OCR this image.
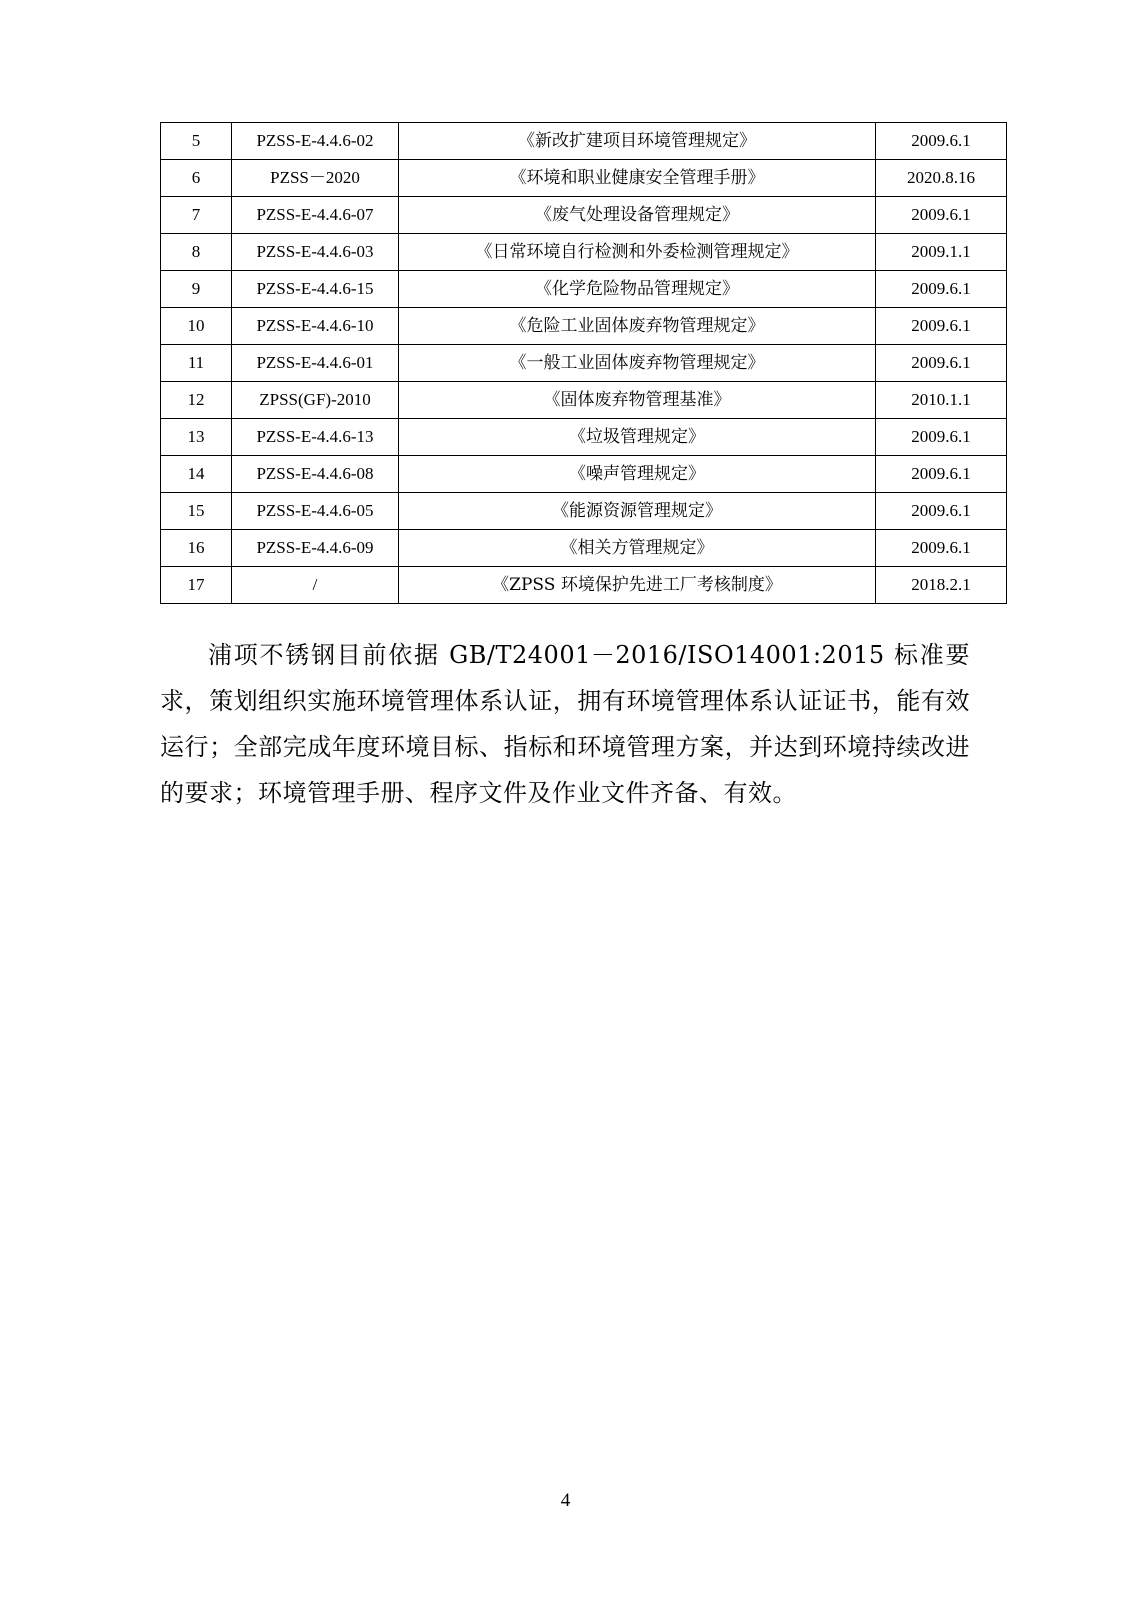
5	PZSS-E-4.4.6-02	《新改扩建项目环境管理规定》	2009.6.1
6	PZSS－2020	《环境和职业健康安全管理手册》	2020.8.16
7	PZSS-E-4.4.6-07	《废气处理设备管理规定》	2009.6.1
8	PZSS-E-4.4.6-03	《日常环境自行检测和外委检测管理规定》	2009.1.1
9	PZSS-E-4.4.6-15	《化学危险物品管理规定》	2009.6.1
10	PZSS-E-4.4.6-10	《危险工业固体废弃物管理规定》	2009.6.1
11	PZSS-E-4.4.6-01	《一般工业固体废弃物管理规定》	2009.6.1
12	ZPSS(GF)-2010	《固体废弃物管理基准》	2010.1.1
13	PZSS-E-4.4.6-13	《垃圾管理规定》	2009.6.1
14	PZSS-E-4.4.6-08	《噪声管理规定》	2009.6.1
15	PZSS-E-4.4.6-05	《能源资源管理规定》	2009.6.1
16	PZSS-E-4.4.6-09	《相关方管理规定》	2009.6.1
17	/	《ZPSS 环境保护先进工厂考核制度》	2018.2.1

浦项不锈钢目前依据 GB/T24001－2016/ISO14001:2015 标准要求，策划组织实施环境管理体系认证，拥有环境管理体系认证证书，能有效运行；全部完成年度环境目标、指标和环境管理方案，并达到环境持续改进的要求；环境管理手册、程序文件及作业文件齐备、有效。

4
